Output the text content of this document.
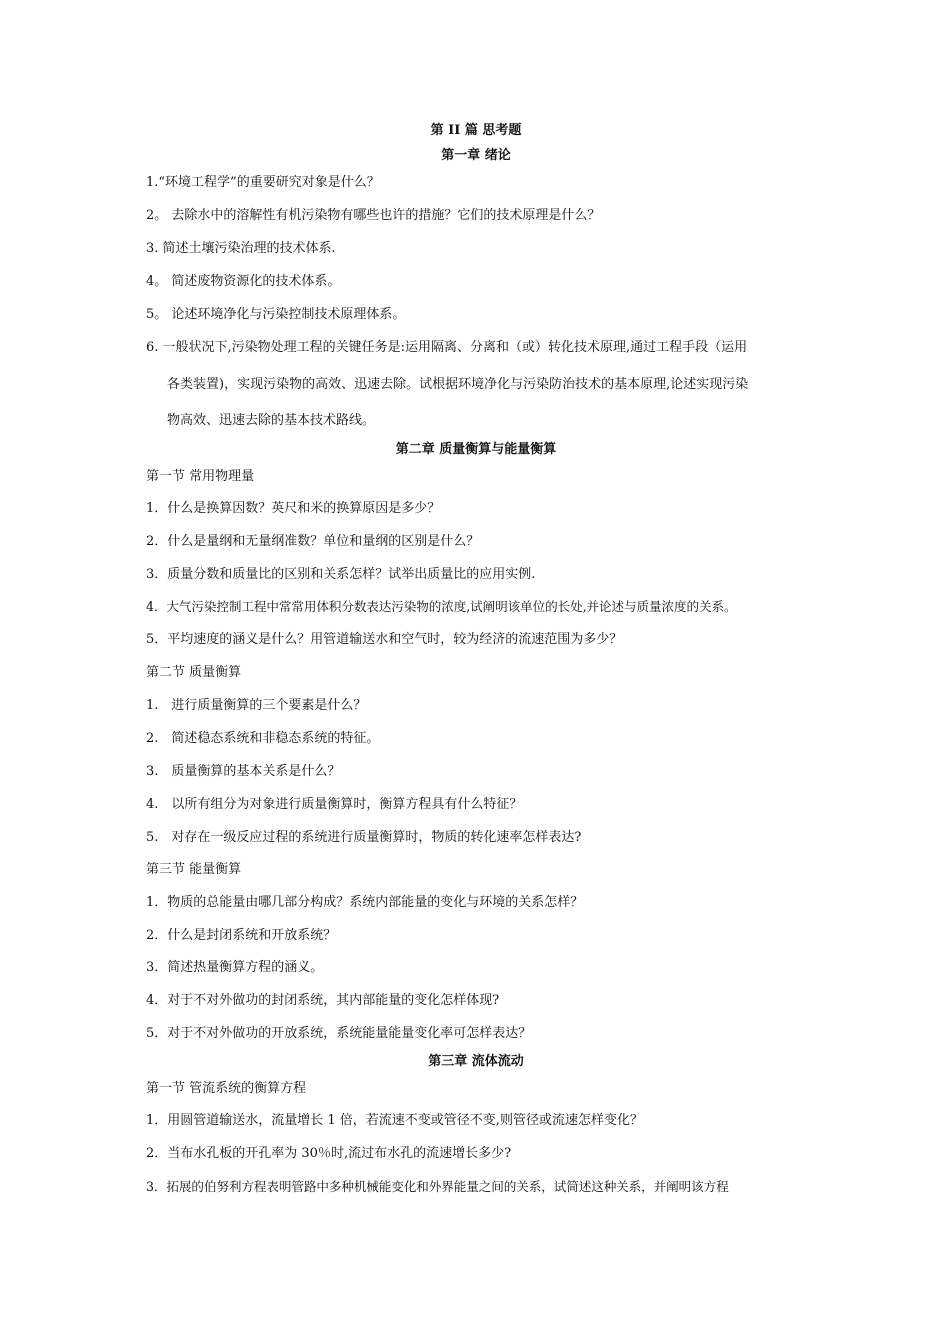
第 II 篇 思考题
第一章 绪论
1.“环境工程学”的重要研究对象是什么？
2。 去除水中的溶解性有机污染物有哪些也许的措施？它们的技术原理是什么？
3. 简述土壤污染治理的技术体系.
4。 简述废物资源化的技术体系。
5。 论述环境净化与污染控制技术原理体系。
6. 一般状况下,污染物处理工程的关键任务是:运用隔离、分离和（或）转化技术原理,通过工程手段（运用
各类装置)，实现污染物的高效、迅速去除。试根据环境净化与污染防治技术的基本原理,论述实现污染
物高效、迅速去除的基本技术路线。
第二章 质量衡算与能量衡算
第一节 常用物理量
1．什么是换算因数？英尺和米的换算原因是多少？
2．什么是量纲和无量纲准数？单位和量纲的区别是什么？
3．质量分数和质量比的区别和关系怎样？试举出质量比的应用实例.
4．大气污染控制工程中常常用体积分数表达污染物的浓度,试阐明该单位的长处,并论述与质量浓度的关系。
5．平均速度的涵义是什么？用管道输送水和空气时，较为经济的流速范围为多少？
第二节 质量衡算
1.　进行质量衡算的三个要素是什么？
2.　简述稳态系统和非稳态系统的特征。
3.　质量衡算的基本关系是什么？
4.　以所有组分为对象进行质量衡算时，衡算方程具有什么特征？
5.　对存在一级反应过程的系统进行质量衡算时，物质的转化速率怎样表达?
第三节 能量衡算
1．物质的总能量由哪几部分构成？系统内部能量的变化与环境的关系怎样？
2．什么是封闭系统和开放系统？
3．简述热量衡算方程的涵义。
4．对于不对外做功的封闭系统，其内部能量的变化怎样体现?
5．对于不对外做功的开放系统，系统能量能量变化率可怎样表达？
第三章 流体流动
第一节 管流系统的衡算方程
1．用圆管道输送水，流量增长 1 倍，若流速不变或管径不变,则管径或流速怎样变化？
2．当布水孔板的开孔率为 30％时,流过布水孔的流速增长多少?
3．拓展的伯努利方程表明管路中多种机械能变化和外界能量之间的关系，试简述这种关系，并阐明该方程
